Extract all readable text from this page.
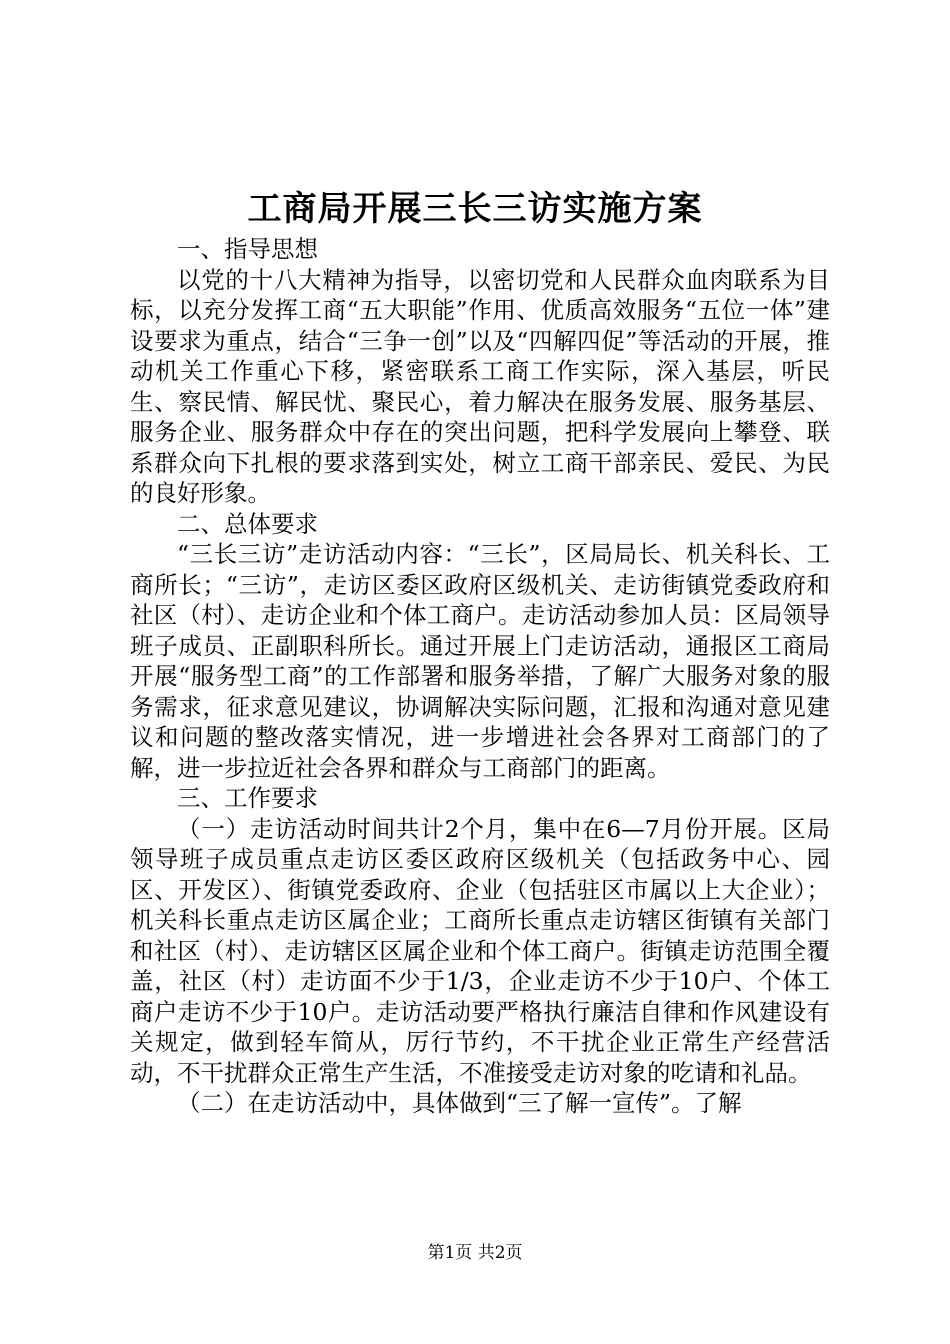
工商局开展三长三访实施方案

一、指导思想

以党的十八大精神为指导，以密切党和人民群众血肉联系为目标，以充分发挥工商“五大职能”作用、优质高效服务“五位一体”建设要求为重点，结合“三争一创”以及“四解四促”等活动的开展，推动机关工作重心下移，紧密联系工商工作实际，深入基层，听民生、察民情、解民忧、聚民心，着力解决在服务发展、服务基层、服务企业、服务群众中存在的突出问题，把科学发展向上攀登、联系群众向下扎根的要求落到实处，树立工商干部亲民、爱民、为民的良好形象。

二、总体要求

“三长三访”走访活动内容：“三长”，区局局长、机关科长、工商所长；“三访”，走访区委区政府区级机关、走访街镇党委政府和社区（村）、走访企业和个体工商户。走访活动参加人员：区局领导班子成员、正副职科所长。通过开展上门走访活动，通报区工商局开展“服务型工商”的工作部署和服务举措，了解广大服务对象的服务需求，征求意见建议，协调解决实际问题，汇报和沟通对意见建议和问题的整改落实情况，进一步增进社会各界对工商部门的了解，进一步拉近社会各界和群众与工商部门的距离。

三、工作要求

（一）走访活动时间共计2个月，集中在6—7月份开展。区局领导班子成员重点走访区委区政府区级机关（包括政务中心、园区、开发区）、街镇党委政府、企业（包括驻区市属以上大企业）；机关科长重点走访区属企业；工商所长重点走访辖区街镇有关部门和社区（村）、走访辖区区属企业和个体工商户。街镇走访范围全覆盖，社区（村）走访面不少于1/3，企业走访不少于10户、个体工商户走访不少于10户。走访活动要严格执行廉洁自律和作风建设有关规定，做到轻车简从，厉行节约，不干扰企业正常生产经营活动，不干扰群众正常生产生活，不准接受走访对象的吃请和礼品。

（二）在走访活动中，具体做到“三了解一宣传”。了解

第1页 共2页
